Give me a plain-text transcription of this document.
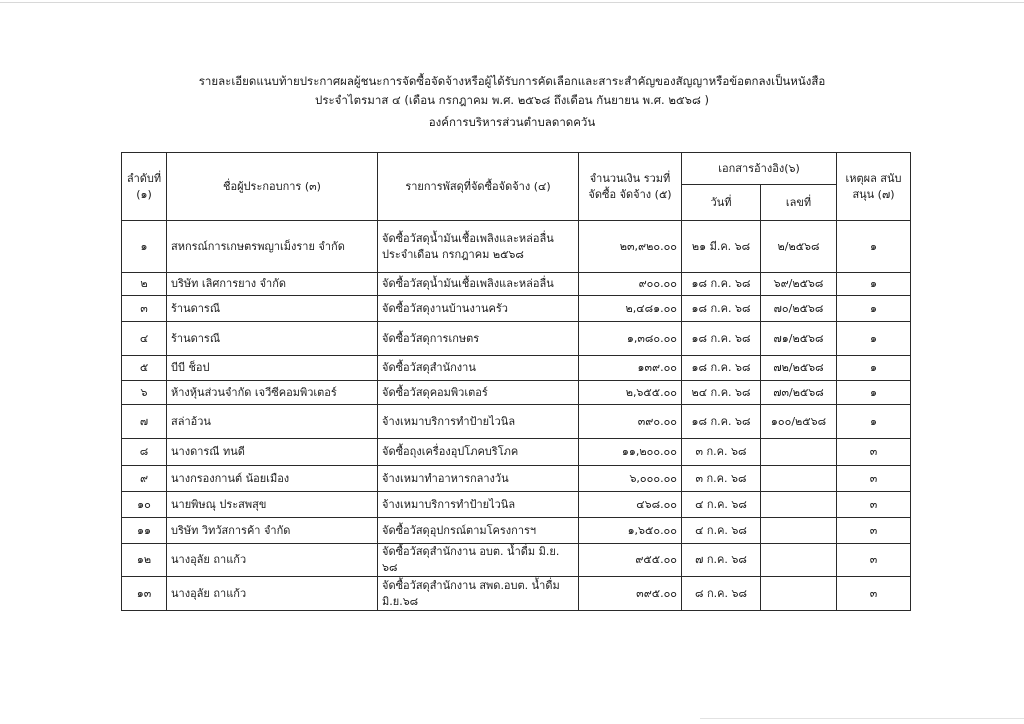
รายละเอียดแนบท้ายประกาศผลผู้ชนะการจัดซื้อจัดจ้างหรือผู้ได้รับการคัดเลือกและสาระสำคัญของสัญญาหรือข้อตกลงเป็นหนังสือ
ประจำไตรมาส ๔ (เดือน กรกฎาคม พ.ศ. ๒๕๖๘ ถึงเดือน กันยายน พ.ศ. ๒๕๖๘ )
องค์การบริหารส่วนตำบลดาดควัน
ลำดับที่
(๑)	ชื่อผู้ประกอบการ (๓)	รายการพัสดุที่จัดซื้อจัดจ้าง (๔)	จำนวนเงิน รวมที่
จัดซื้อ จัดจ้าง (๕)	เอกสารอ้างอิง(๖)		เหตุผล สนับ
สนุน (๗)

				วันที่	เลขที่	

๑	สหกรณ์การเกษตรพญาเม็งราย จำกัด	จัดซื้อวัสดุน้ำมันเชื้อเพลิงและหล่อลื่น ประจำเดือน กรกฎาคม ๒๕๖๘	๒๓,๙๒๐.๐๐	๒๑ มี.ค. ๖๘	๒/๒๕๖๘	๑

๒	บริษัท เลิศการยาง จำกัด	จัดซื้อวัสดุน้ำมันเชื้อเพลิงและหล่อลื่น	๙๐๐.๐๐	๑๘ ก.ค. ๖๘	๖๙/๒๕๖๘	๑

๓	ร้านดารณี	จัดซื้อวัสดุงานบ้านงานครัว	๒,๔๘๑.๐๐	๑๘ ก.ค. ๖๘	๗๐/๒๕๖๘	๑

๔	ร้านดารณี	จัดซื้อวัสดุการเกษตร	๑,๓๘๐.๐๐	๑๘ ก.ค. ๖๘	๗๑/๒๕๖๘	๑

๕	บีบี ช็อป	จัดซื้อวัสดุสำนักงาน	๑๓๙.๐๐	๑๘ ก.ค. ๖๘	๗๒/๒๕๖๘	๑

๖	ห้างหุ้นส่วนจำกัด เจวีซีคอมพิวเตอร์	จัดซื้อวัสดุคอมพิวเตอร์	๒,๖๕๕.๐๐	๒๔ ก.ค. ๖๘	๗๓/๒๕๖๘	๑

๗	สล่าอ้วน	จ้างเหมาบริการทำป้ายไวนิล	๓๙๐.๐๐	๑๘ ก.ค. ๖๘	๑๐๐/๒๕๖๘	๑

๘	นางดารณี ทนดี	จัดซื้อถุงเครื่องอุปโภคบริโภค	๑๑,๒๐๐.๐๐	๓ ก.ค. ๖๘		๓

๙	นางกรองกานต์ น้อยเมือง	จ้างเหมาทำอาหารกลางวัน	๖,๐๐๐.๐๐	๓ ก.ค. ๖๘		๓

๑๐	นายพิษณุ ประสพสุข	จ้างเหมาบริการทำป้ายไวนิล	๔๖๘.๐๐	๔ ก.ค. ๖๘		๓

๑๑	บริษัท วิทวัสการค้า จำกัด	จัดซื้อวัสดุอุปกรณ์ตามโครงการฯ	๑,๖๕๐.๐๐	๔ ก.ค. ๖๘		๓

๑๒	นางอุลัย ถาแก้ว	จัดซื้อวัสดุสำนักงาน อบต. น้ำดื่ม มิ.ย. ๖๘	๙๕๕.๐๐	๗ ก.ค. ๖๘		๓

๑๓	นางอุลัย ถาแก้ว	จัดซื้อวัสดุสำนักงาน สพด.อบต. น้ำดื่ม มิ.ย.๖๘	๓๙๕.๐๐	๘ ก.ค. ๖๘		๓
